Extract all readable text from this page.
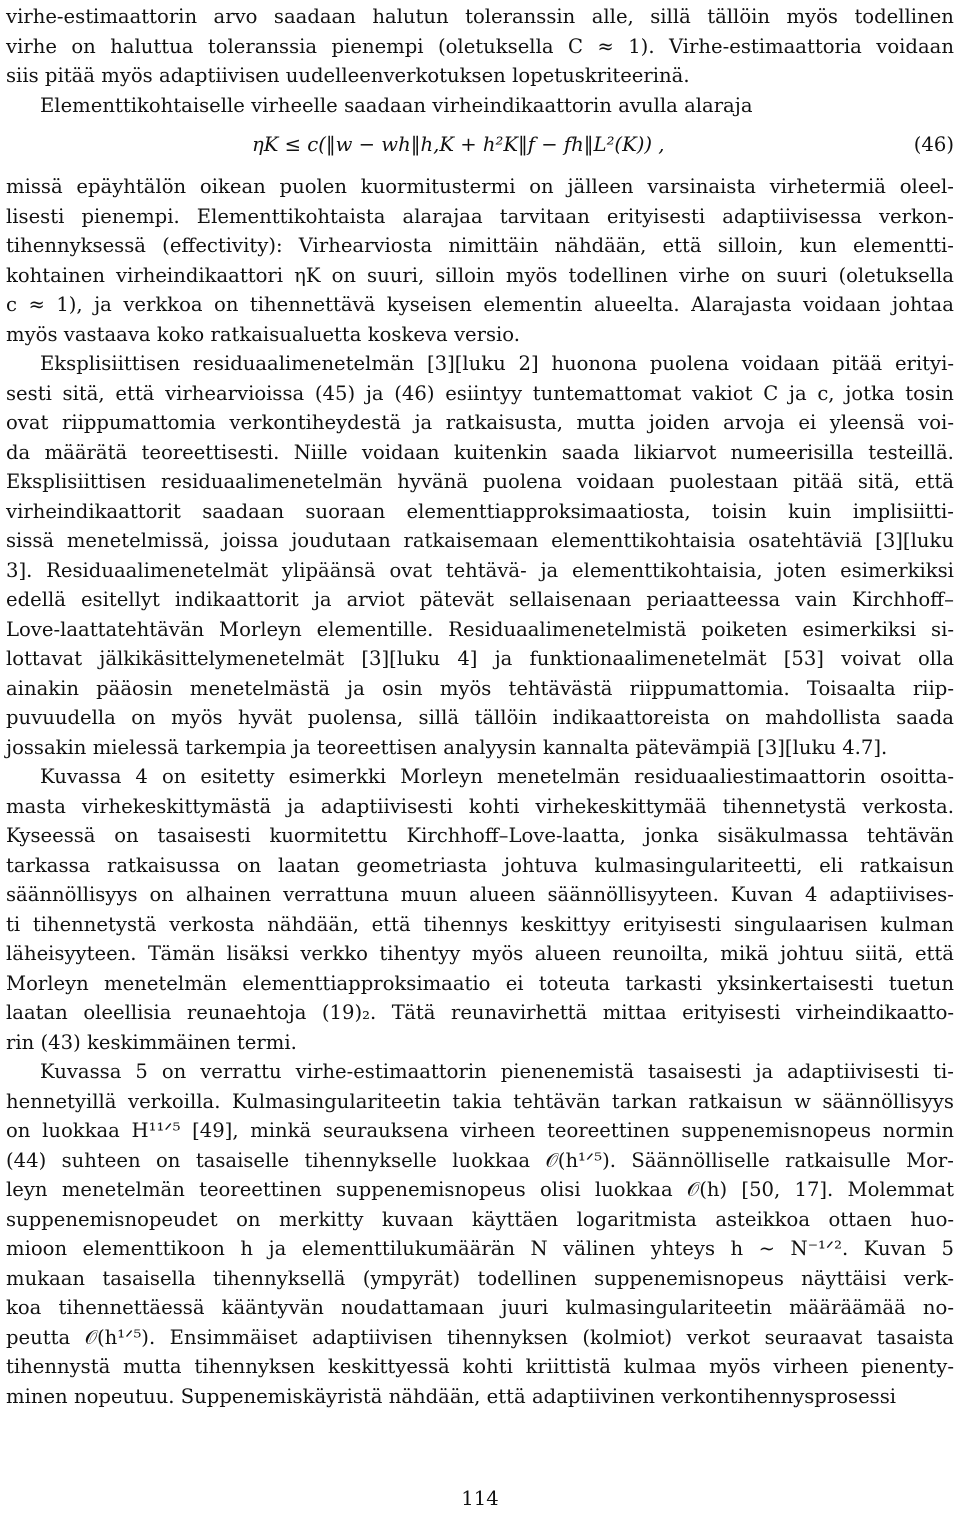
virhe-estimaattorin arvo saadaan halutun toleranssin alle, sillä tällöin myös todellinen
virhe on haluttua toleranssia pienempi (oletuksella C ≈ 1). Virhe-estimaattoria voidaan
siis pitää myös adaptiivisen uudelleenverkotuksen lopetuskriteerinä.
Elementtikohtaiselle virheelle saadaan virheindikaattorin avulla alaraja
ηK ≤ c(‖w − wh‖h,K + h²K‖f − fh‖L²(K)) ,	(46)
missä epäyhtälön oikean puolen kuormitustermi on jälleen varsinaista virhetermiä oleel-
lisesti pienempi. Elementtikohtaista alarajaa tarvitaan erityisesti adaptiivisessa verkon-
tihennyksessä (effectivity): Virhearviosta nimittäin nähdään, että silloin, kun elementti-
kohtainen virheindikaattori ηK on suuri, silloin myös todellinen virhe on suuri (oletuksella
c ≈ 1), ja verkkoa on tihennettävä kyseisen elementin alueelta. Alarajasta voidaan johtaa
myös vastaava koko ratkaisualuetta koskeva versio.
Eksplisiittisen residuaalimenetelmän [3][luku 2] huonona puolena voidaan pitää erityi-
sesti sitä, että virhearvioissa (45) ja (46) esiintyy tuntemattomat vakiot C ja c, jotka tosin
ovat riippumattomia verkontiheydestä ja ratkaisusta, mutta joiden arvoja ei yleensä voi-
da määrätä teoreettisesti. Niille voidaan kuitenkin saada likiarvot numeerisilla testeillä.
Eksplisiittisen residuaalimenetelmän hyvänä puolena voidaan puolestaan pitää sitä, että
virheindikaattorit saadaan suoraan elementtiapproksimaatiosta, toisin kuin implisiitti-
sissä menetelmissä, joissa joudutaan ratkaisemaan elementtikohtaisia osatehtäviä [3][luku
3]. Residuaalimenetelmät ylipäänsä ovat tehtävä- ja elementtikohtaisia, joten esimerkiksi
edellä esitellyt indikaattorit ja arviot pätevät sellaisenaan periaatteessa vain Kirchhoff–
Love-laattatehtävän Morleyn elementille. Residuaalimenetelmistä poiketen esimerkiksi si-
lottavat jälkikäsittelymenetelmät [3][luku 4] ja funktionaalimenetelmät [53] voivat olla
ainakin pääosin menetelmästä ja osin myös tehtävästä riippumattomia. Toisaalta riip-
puvuudella on myös hyvät puolensa, sillä tällöin indikaattoreista on mahdollista saada
jossakin mielessä tarkempia ja teoreettisen analyysin kannalta pätevämpiä [3][luku 4.7].
Kuvassa 4 on esitetty esimerkki Morleyn menetelmän residuaaliestimaattorin osoitta-
masta virhekeskittymästä ja adaptiivisesti kohti virhekeskittymää tihennetystä verkosta.
Kyseessä on tasaisesti kuormitettu Kirchhoff–Love-laatta, jonka sisäkulmassa tehtävän
tarkassa ratkaisussa on laatan geometriasta johtuva kulmasingulariteetti, eli ratkaisun
säännöllisyys on alhainen verrattuna muun alueen säännöllisyyteen. Kuvan 4 adaptiivises-
ti tihennetystä verkosta nähdään, että tihennys keskittyy erityisesti singulaarisen kulman
läheisyyteen. Tämän lisäksi verkko tihentyy myös alueen reunoilta, mikä johtuu siitä, että
Morleyn menetelmän elementtiapproksimaatio ei toteuta tarkasti yksinkertaisesti tuetun
laatan oleellisia reunaehtoja (19)₂. Tätä reunavirhettä mittaa erityisesti virheindikaatto-
rin (43) keskimmäinen termi.
Kuvassa 5 on verrattu virhe-estimaattorin pienenemistä tasaisesti ja adaptiivisesti ti-
hennetyillä verkoilla. Kulmasingulariteetin takia tehtävän tarkan ratkaisun w säännöllisyys
on luokkaa H¹¹ᐟ⁵ [49], minkä seurauksena virheen teoreettinen suppenemisnopeus normin
(44) suhteen on tasaiselle tihennykselle luokkaa 𝒪(h¹ᐟ⁵). Säännölliselle ratkaisulle Mor-
leyn menetelmän teoreettinen suppenemisnopeus olisi luokkaa 𝒪(h) [50, 17]. Molemmat
suppenemisnopeudet on merkitty kuvaan käyttäen logaritmista asteikkoa ottaen huo-
mioon elementtikoon h ja elementtilukumäärän N välinen yhteys h ∼ N⁻¹ᐟ². Kuvan 5
mukaan tasaisella tihennyksellä (ympyrät) todellinen suppenemisnopeus näyttäisi verk-
koa tihennettäessä kääntyvän noudattamaan juuri kulmasingulariteetin määräämää no-
peutta 𝒪(h¹ᐟ⁵). Ensimmäiset adaptiivisen tihennyksen (kolmiot) verkot seuraavat tasaista
tihennystä mutta tihennyksen keskittyessä kohti kriittistä kulmaa myös virheen pienenty-
minen nopeutuu. Suppenemiskäyristä nähdään, että adaptiivinen verkontihennysprosessi
114
